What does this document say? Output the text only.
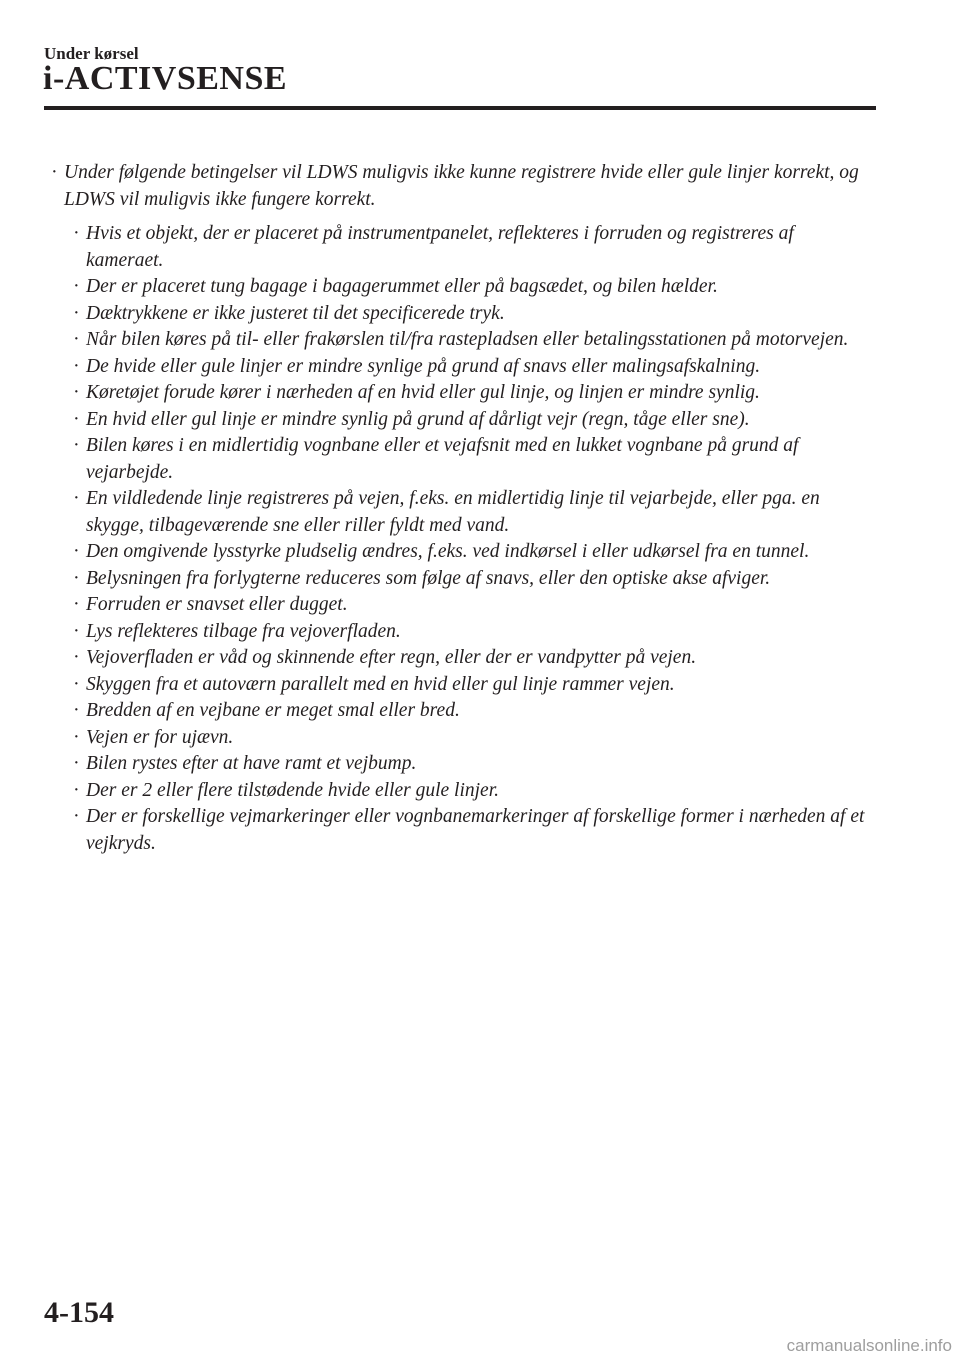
Under kørsel
i-ACTIVSENSE
· Under følgende betingelser vil LDWS muligvis ikke kunne registrere hvide eller gule linjer korrekt, og LDWS vil muligvis ikke fungere korrekt.
· Hvis et objekt, der er placeret på instrumentpanelet, reflekteres i forruden og registreres af kameraet.
· Der er placeret tung bagage i bagagerummet eller på bagsædet, og bilen hælder.
· Dæktrykkene er ikke justeret til det specificerede tryk.
· Når bilen køres på til- eller frakørslen til/fra rastepladsen eller betalingsstationen på motorvejen.
· De hvide eller gule linjer er mindre synlige på grund af snavs eller malingsafskalning.
· Køretøjet forude kører i nærheden af en hvid eller gul linje, og linjen er mindre synlig.
· En hvid eller gul linje er mindre synlig på grund af dårligt vejr (regn, tåge eller sne).
· Bilen køres i en midlertidig vognbane eller et vejafsnit med en lukket vognbane på grund af vejarbejde.
· En vildledende linje registreres på vejen, f.eks. en midlertidig linje til vejarbejde, eller pga. en skygge, tilbageværende sne eller riller fyldt med vand.
· Den omgivende lysstyrke pludselig ændres, f.eks. ved indkørsel i eller udkørsel fra en tunnel.
· Belysningen fra forlygterne reduceres som følge af snavs, eller den optiske akse afviger.
· Forruden er snavset eller dugget.
· Lys reflekteres tilbage fra vejoverfladen.
· Vejoverfladen er våd og skinnende efter regn, eller der er vandpytter på vejen.
· Skyggen fra et autoværn parallelt med en hvid eller gul linje rammer vejen.
· Bredden af en vejbane er meget smal eller bred.
· Vejen er for ujævn.
· Bilen rystes efter at have ramt et vejbump.
· Der er 2 eller flere tilstødende hvide eller gule linjer.
· Der er forskellige vejmarkeringer eller vognbanemarkeringer af forskellige former i nærheden af et vejkryds.
4-154
carmanualsonline.info
